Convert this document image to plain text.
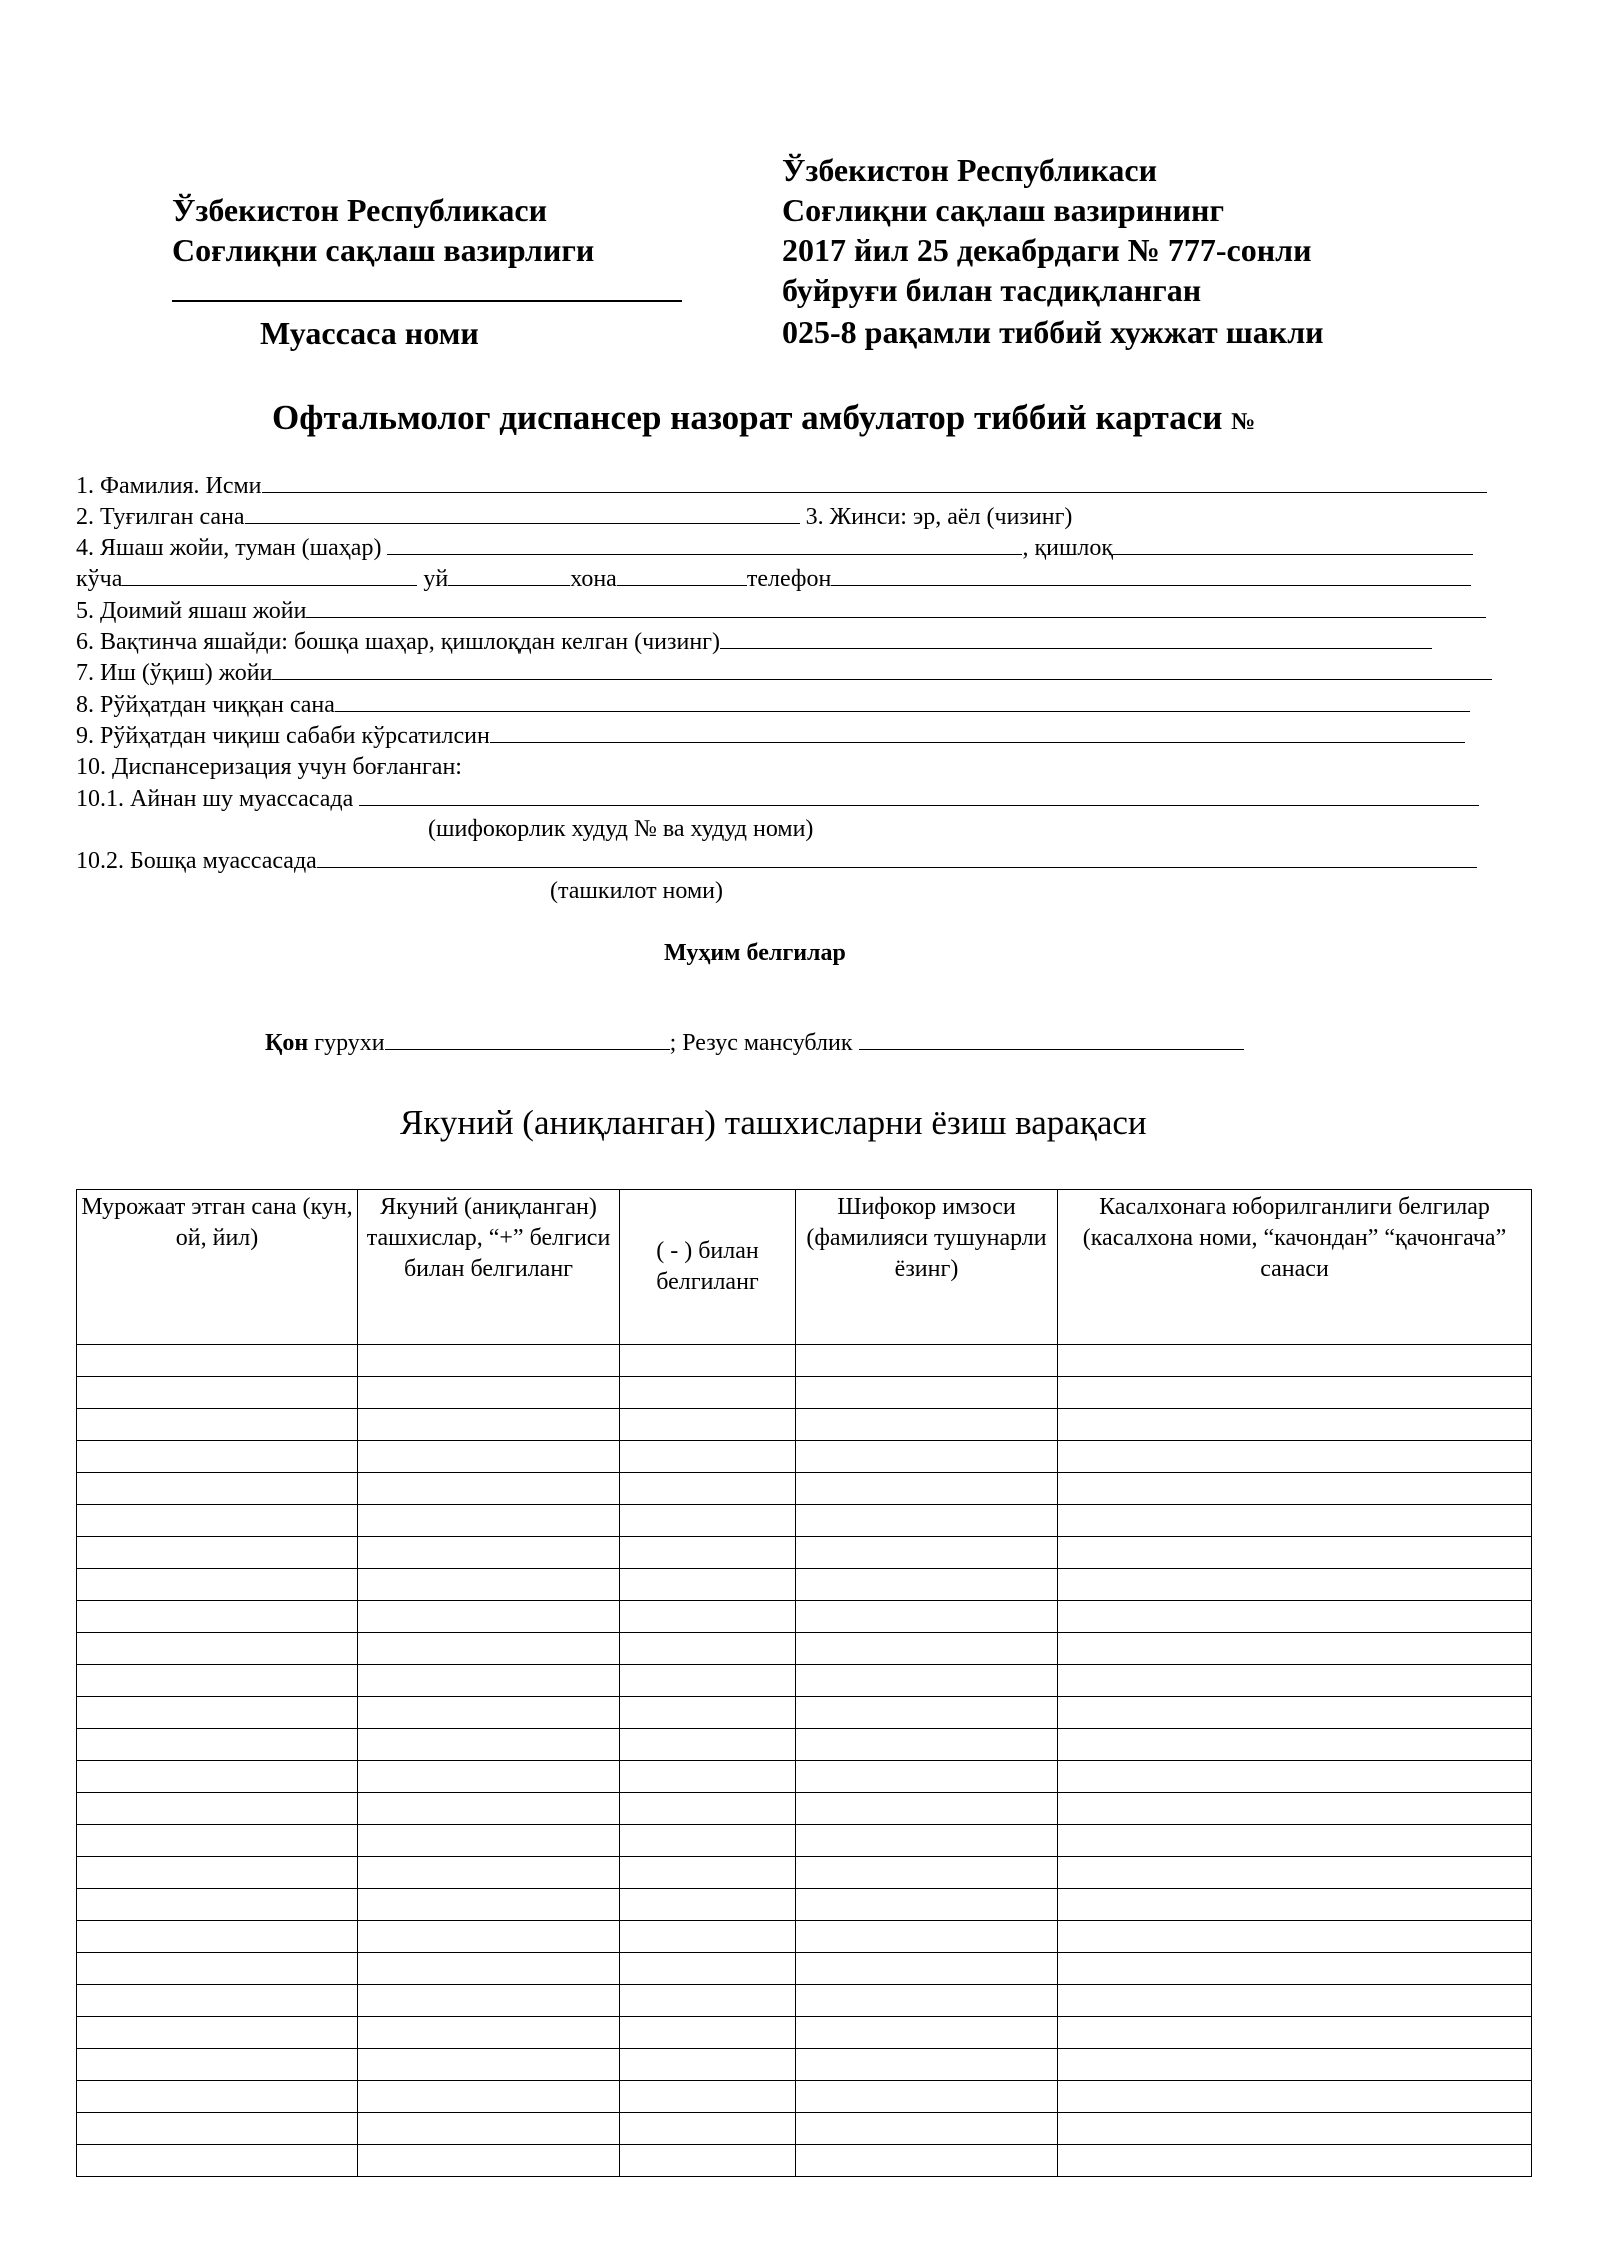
Ўзбекистон Республикаси
Соғлиқни сақлаш вазирлиги
Муассаса номи
Ўзбекистон Республикаси
Соғлиқни сақлаш вазирининг
2017 йил 25 декабрдаги № 777-сонли
буйруғи билан тасдиқланган
025-8 рақамли тиббий хужжат шакли
Офтальмолог диспансер назорат амбулатор тиббий картаси №
1. Фамилия. Исми
2. Туғилган сана	3. Жинси: эр, аёл (чизинг)
4. Яшаш жойи, туман (шаҳар)	, қишлоқ
кўча	уй	хона	телефон
5. Доимий яшаш жойи
6. Вақтинча яшайди: бошқа шаҳар, қишлоқдан келган (чизинг)
7. Иш (ўқиш) жойи
8. Рўйҳатдан чиққан сана
9. Рўйҳатдан чиқиш сабаби кўрсатилсин
10. Диспансеризация учун боғланган:
10.1. Айнан шу муассасада
(шифокорлик худуд № ва худуд номи)
10.2. Бошқа муассасада
(ташкилот номи)
Муҳим белгилар
Қон гурухи	; Резус мансублик
Якуний (аниқланган) ташхисларни ёзиш варақаси
Мурожаат этган сана (кун, ой, йил)	Якуний (аниқланган) ташхислар, “+” белгиси билан белгиланг	( - ) билан белгиланг	Шифокор имзоси (фамилияси тушунарли ёзинг)	Касалхонага юборилганлиги белгилар (касалхона номи, “качондан” “қачонгача” санаси
